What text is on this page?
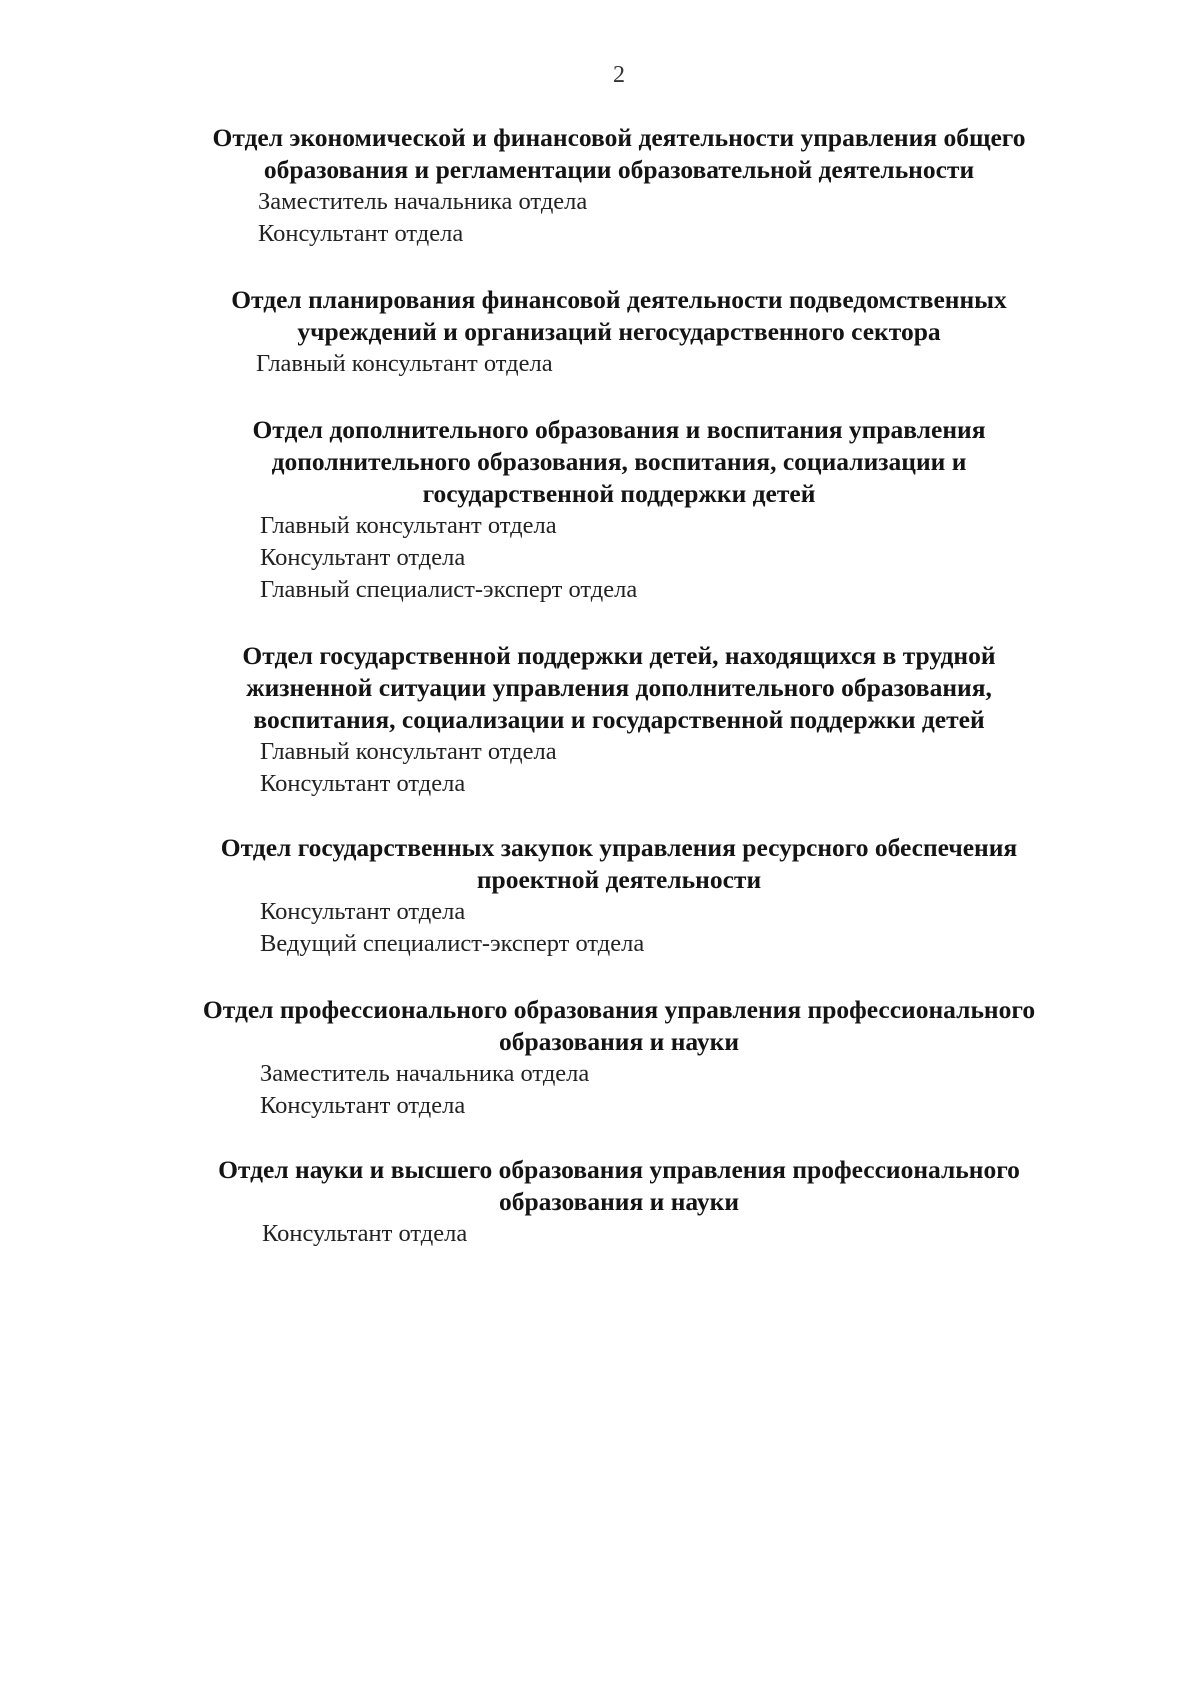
2
Отдел экономической и финансовой деятельности управления общего
образования и регламентации образовательной деятельности
Заместитель начальника отдела
Консультант отдела
Отдел планирования финансовой деятельности подведомственных
учреждений и организаций негосударственного сектора
Главный консультант отдела
Отдел дополнительного образования и воспитания управления
дополнительного образования, воспитания, социализации и
государственной поддержки детей
Главный консультант отдела
Консультант отдела
Главный специалист-эксперт отдела
Отдел государственной поддержки детей, находящихся в трудной
жизненной ситуации управления дополнительного образования,
воспитания, социализации и государственной поддержки детей
Главный консультант отдела
Консультант отдела
Отдел государственных закупок управления ресурсного обеспечения
проектной деятельности
Консультант отдела
Ведущий специалист-эксперт отдела
Отдел профессионального образования управления профессионального
образования и науки
Заместитель начальника отдела
Консультант отдела
Отдел науки и высшего образования управления профессионального
образования и науки
Консультант отдела
